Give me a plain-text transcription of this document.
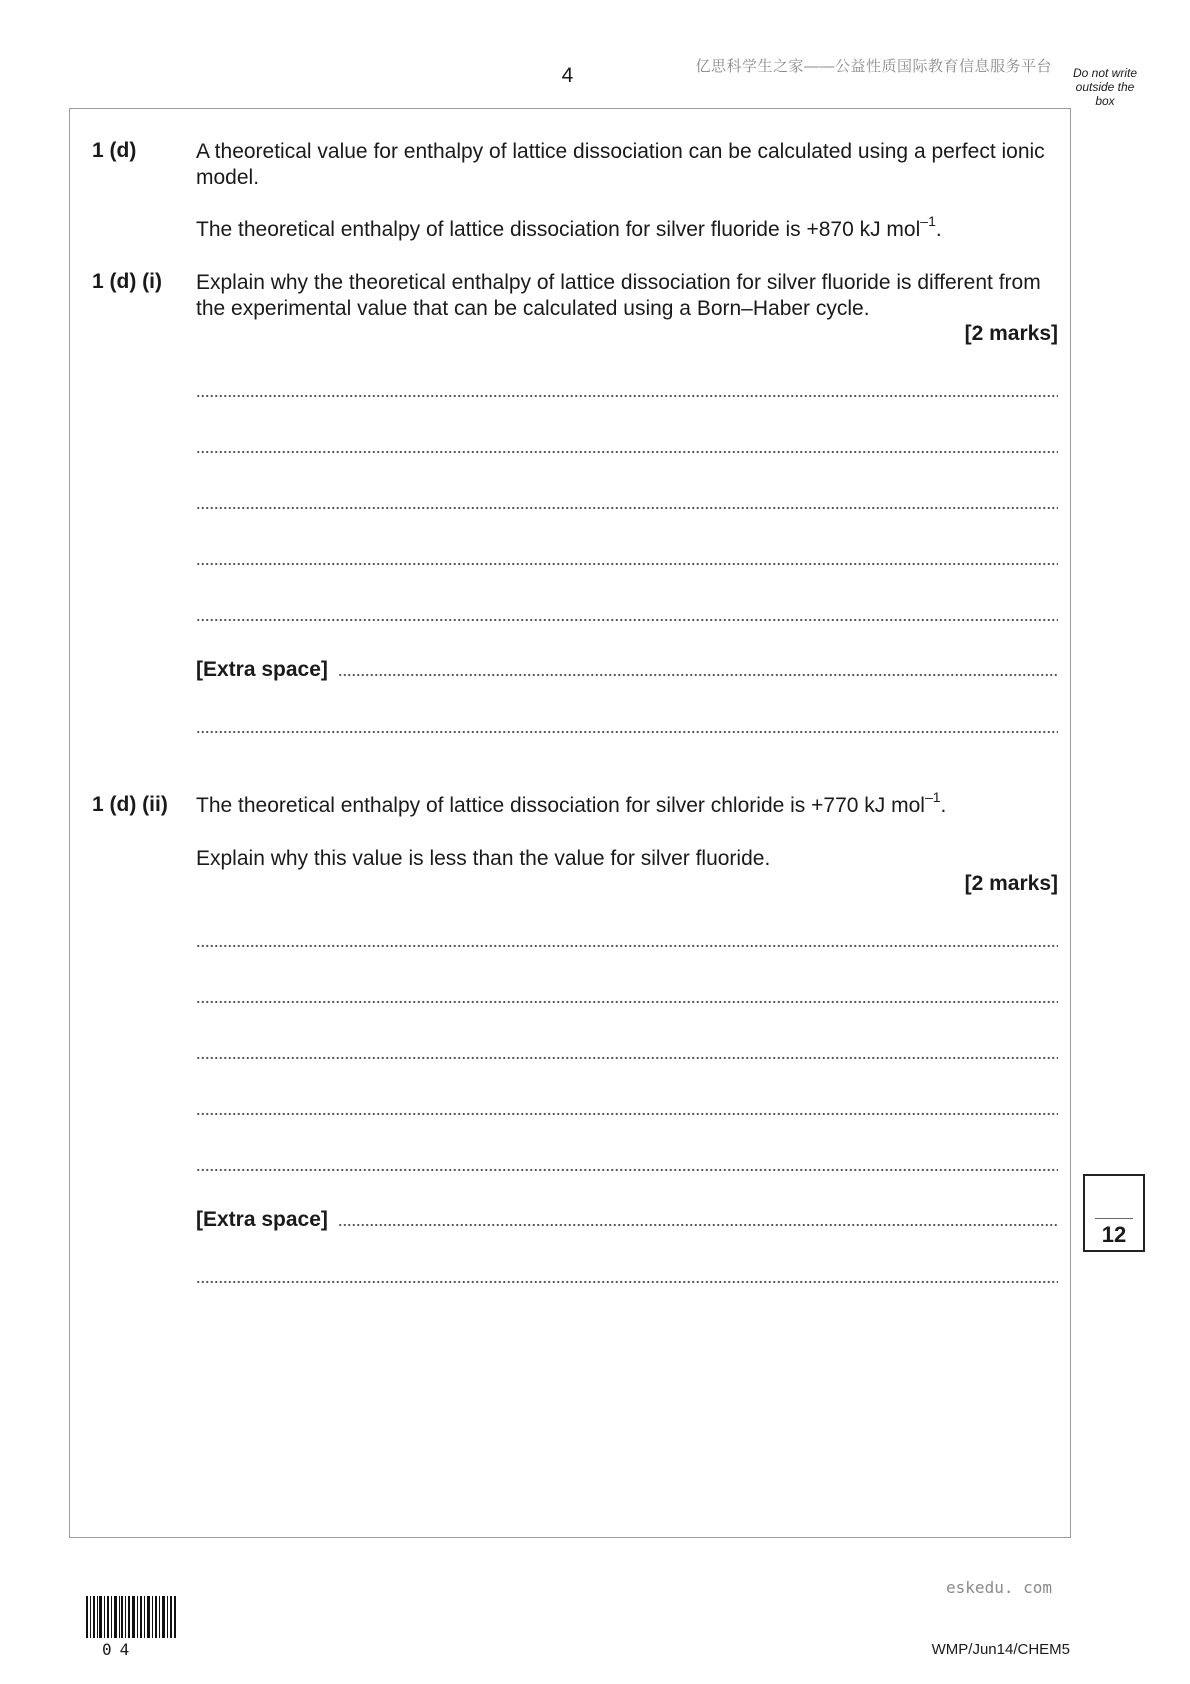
4	亿思科学生之家——公益性质国际教育信息服务平台	Do not write
outside the
box
1 (d)	A theoretical value for enthalpy of lattice dissociation can be calculated using a perfect ionic model.
The theoretical enthalpy of lattice dissociation for silver fluoride is +870 kJ mol$^{-1}$.
1 (d) (i) Explain why the theoretical enthalpy of lattice dissociation for silver fluoride is different from the experimental value that can be calculated using a Born–Haber cycle.
[2 marks]
[Extra space]
1 (d) (ii) The theoretical enthalpy of lattice dissociation for silver chloride is +770 kJ mol$^{-1}$.
Explain why this value is less than the value for silver fluoride.
[2 marks]
[Extra space]
12
eskedu. com
04	WMP/Jun14/CHEM5
